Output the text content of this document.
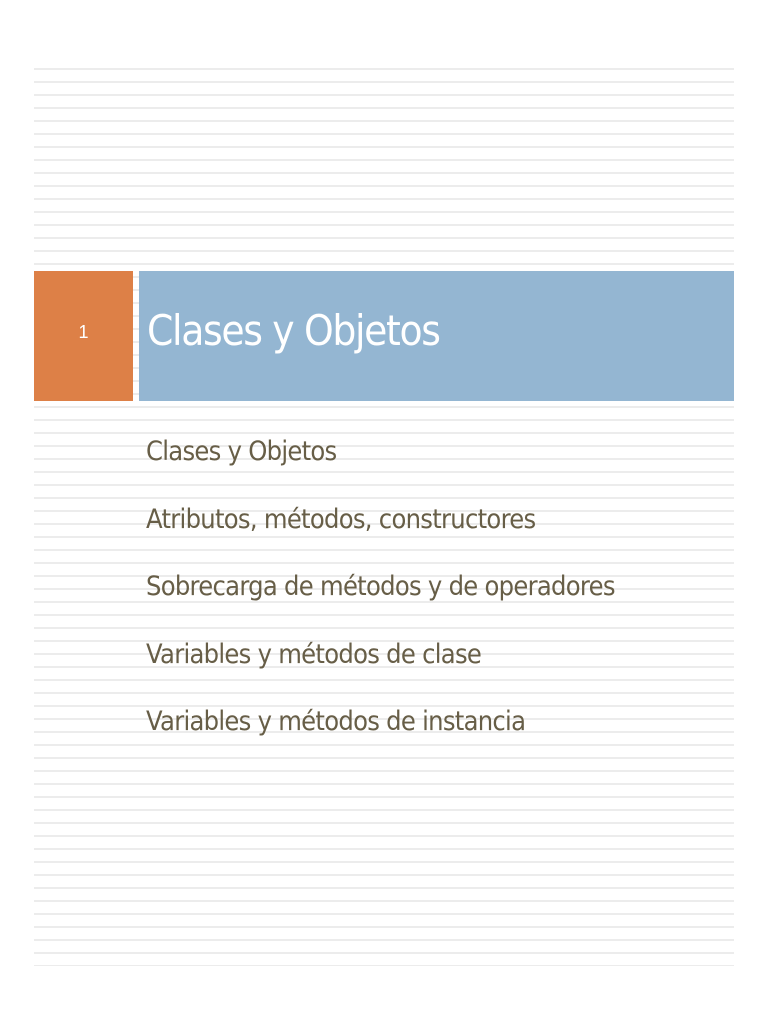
1 Clases y Objetos
Clases y Objetos
Atributos, métodos, constructores
Sobrecarga de métodos y de operadores
Variables y métodos de clase
Variables y métodos de instancia
